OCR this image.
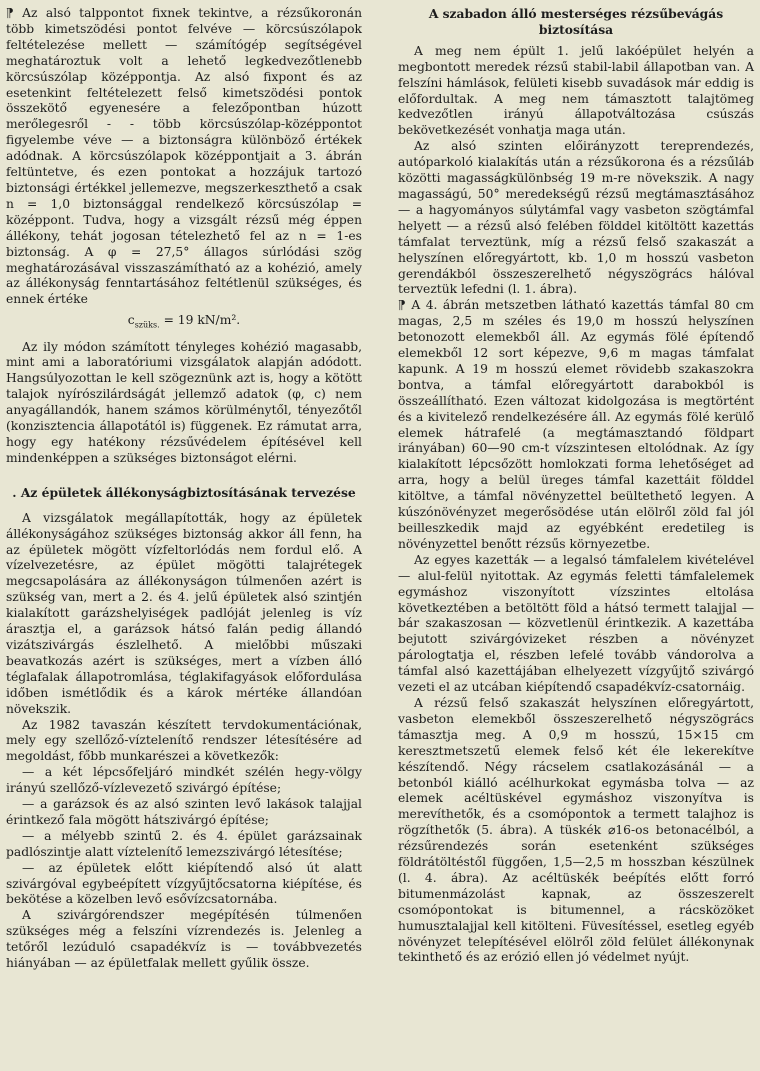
⁋ Az alsó talppontot fixnek tekintve, a rézsűkoronán több kimetszödési pontot felvéve — körcsúszólapok feltételezése mellett — számítógép segítségével meghatároztuk volt a lehető legkedvezőtlenebb körcsúszólap középpontja. Az alsó fixpont és az esetenkint feltételezett felső kimetszödési pontok összekötő egyenesére a felezőpontban húzott merőlegesről - - több körcsúszólap-középpontot figyelembe véve — a biztonságra különböző értékek adódnak. A körcsúszólapok középpontjait a 3. ábrán feltüntetve, és ezen pontokat a hozzájuk tartozó biztonsági értékkel jellemezve, megszerkeszthető a csak n = 1,0 biztonsággal rendelkező körcsúszólap = középpont. Tudva, hogy a vizsgált rézsű még éppen állékony, tehát jogosan tételezhető fel az n = 1-es biztonság. A φ = 27,5° állagos súrlódási szög meghatározásával visszaszámítható az a kohézió, amely az állékonyság fenntartásához feltétlenül szükséges, és ennek értéke

$c_{szüks.} = 19$ kN/m².

Az ily módon számított tényleges kohézió magasabb, mint ami a laboratóriumi vizsgálatok alapján adódott. Hangsúlyozottan le kell szögeznünk azt is, hogy a kötött talajok nyírószilárdságát jellemző adatok (φ, c) nem anyagállandók, hanem számos körülménytől, tényezőtől (konzisztencia állapotától is) függenek. Ez rámutat arra, hogy egy hatékony rézsűvédelem építésével kell mindenképpen a szükséges biztonságot elérni.

. Az épületek állékonyságbiztosításának tervezése

A vizsgálatok megállapították, hogy az épületek állékonyságához szükséges biztonság akkor áll fenn, ha az épületek mögött vízfeltorlódás nem fordul elő. A vízelvezetésre, az épület mögötti talajrétegek megcsapolására az állékonyságon túlmenően azért is szükség van, mert a 2. és 4. jelű épületek alsó szintjén kialakított garázshelyiségek padlóját jelenleg is víz árasztja el, a garázsok hátsó falán pedig állandó vizátszivárgás észlelhető. A mielőbbi műszaki beavatkozás azért is szükséges, mert a vízben álló téglafalak állapotromlása, téglakifagyások előfordulása időben ismétlődik és a károk mértéke állandóan növekszik.

Az 1982 tavaszán készített tervdokumentációnak, mely egy szellőző-víztelenítő rendszer létesítésére ad megoldást, főbb munkarészei a következők:

— a két lépcsőfeljáró mindkét szélén hegy-völgy irányú szellőző-vízlevezető szivárgó építése;

— a garázsok és az alsó szinten levő lakások talajjal érintkező fala mögött hátszivárgó építése;

— a mélyebb szintű 2. és 4. épület garázsainak padlószintje alatt víztelenítő lemezszivárgó létesítése;

— az épületek előtt kiépítendő alsó út alatt szivárgóval egybeépített vízgyűjtőcsatorna kiépítése, és bekötése a közelben levő esővízcsatornába.

A szivárgórendszer megépítésén túlmenően szükséges még a felszíni vízrendezés is. Jelenleg a tetőről lezúduló csapadékvíz is — továbbvezetés hiányában — az épületfalak mellett gyűlik össze.

A szabadon álló mesterséges rézsűbevágás
biztosítása

A meg nem épült 1. jelű lakóépület helyén a megbontott meredek rézsű stabil-labil állapotban van. A felszíni hámlások, felületi kisebb suvadások már eddig is előfordultak. A meg nem támasztott talajtömeg kedvezőtlen irányú állapotváltozása csúszás bekövetkezését vonhatja maga után.

Az alsó szinten előirányzott tereprendezés, autóparkoló kialakítás után a rézsűkorona és a rézsűláb közötti magasságkülönbség 19 m-re növekszik. A nagy magasságú, 50° meredekségű rézsű megtámasztásához — a hagyományos súlytámfal vagy vasbeton szögtámfal helyett — a rézsű alsó felében földdel kitöltött kazettás támfalat terveztünk, míg a rézsű felső szakaszát a helyszínen előregyártott, kb. 1,0 m hosszú vasbeton gerendákból összeszerelhető négyszögrács hálóval terveztük lefedni (l. 1. ábra).

⁋ A 4. ábrán metszetben látható kazettás támfal 80 cm magas, 2,5 m széles és 19,0 m hosszú helyszínen betonozott elemekből áll. Az egymás fölé építendő elemekből 12 sort képezve, 9,6 m magas támfalat kapunk. A 19 m hosszú elemet rövidebb szakaszokra bontva, a támfal előregyártott darabokból is összeállítható. Ezen változat kidolgozása is megtörtént és a kivitelező rendelkezésére áll. Az egymás fölé kerülő elemek hátrafelé (a megtámasztandó földpart irányában) 60—90 cm-t vízszintesen eltolódnak. Az így kialakított lépcsőzött homlokzati forma lehetőséget ad arra, hogy a belül üreges támfal kazettáit földdel kitöltve, a támfal növényzettel beültethető legyen. A kúszónövényzet megerősödése után elölről zöld fal jól beilleszkedik majd az egyébként eredetileg is növényzettel benőtt rézsűs környezetbe.

Az egyes kazetták — a legalsó támfalelem kivételével — alul-felül nyitottak. Az egymás feletti támfalelemek egymáshoz viszonyított vízszintes eltolása következtében a betöltött föld a hátsó termett talajjal — bár szakaszosan — közvetlenül érintkezik. A kazettába bejutott szivárgóvizeket részben a növényzet párologtatja el, részben lefelé tovább vándorolva a támfal alsó kazettájában elhelyezett vízgyűjtő szivárgó vezeti el az utcában kiépítendő csapadékvíz-csatornáig.

A rézsű felső szakaszát helyszínen előregyártott, vasbeton elemekből összeszerelhető négyszögrács támasztja meg. A 0,9 m hosszú, 15×15 cm keresztmetszetű elemek felső két éle lekerekítve készítendő. Négy rácselem csatlakozásánál — a betonból kiálló acélhurkokat egymásba tolva — az elemek acéltüskével egymáshoz viszonyítva is merevíthetők, és a csomópontok a termett talajhoz is rögzíthetők (5. ábra). A tüskék ⌀16-os betonacélból, a rézsűrendezés során esetenként szükséges földrátöltéstől függően, 1,5—2,5 m hosszban készülnek (l. 4. ábra). Az acéltüskék beépítés előtt forró bitumenmázolást kapnak, az összeszerelt csomópontokat is bitumennel, a rácsközöket humusztalajjal kell kitölteni. Füvesítéssel, esetleg egyéb növényzet telepítésével elölről zöld felület állékonynak tekinthető és az erózió ellen jó védelmet nyújt.
